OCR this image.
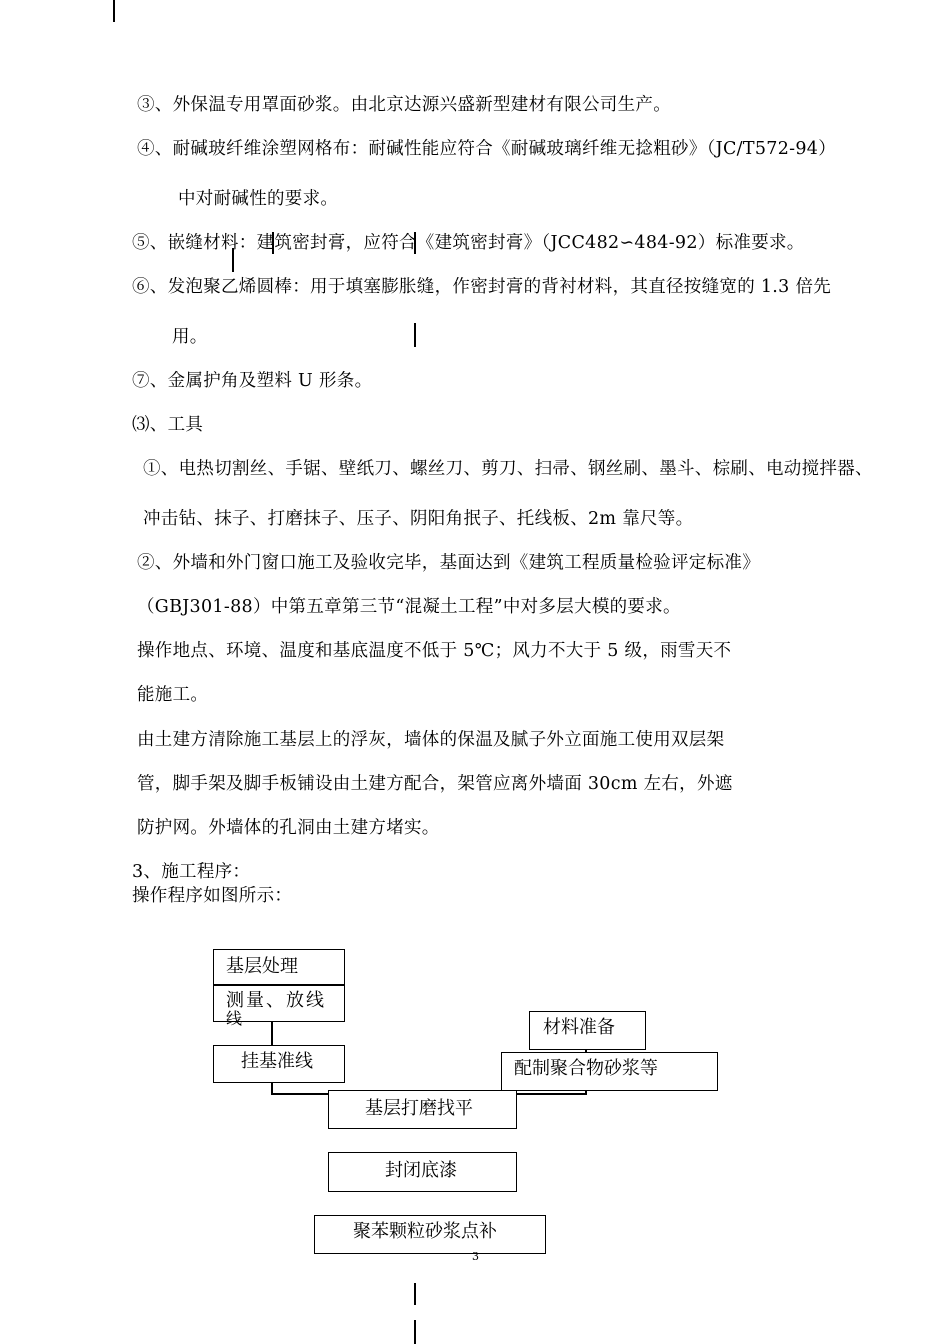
③、外保温专用罩面砂浆。由北京达源兴盛新型建材有限公司生产。
④、耐碱玻纤维涂塑网格布：耐碱性能应符合《耐碱玻璃纤维无捻粗砂》（JC/T572-94）
中对耐碱性的要求。
⑤、嵌缝材料：建筑密封膏，应符合《建筑密封膏》（JCC482∽484-92）标准要求。
⑥、发泡聚乙烯圆棒：用于填塞膨胀缝，作密封膏的背衬材料，其直径按缝宽的 1.3 倍先
用。
⑦、金属护角及塑料 U 形条。
⑶、工具
①、电热切割丝、手锯、壁纸刀、螺丝刀、剪刀、扫帚、钢丝刷、墨斗、棕刷、电动搅拌器、
冲击钻、抹子、打磨抹子、压子、阴阳角抿子、托线板、2m 靠尺等。
②、外墙和外门窗口施工及验收完毕，基面达到《建筑工程质量检验评定标准》
（GBJ301-88）中第五章第三节“混凝土工程”中对多层大模的要求。
操作地点、环境、温度和基底温度不低于 5℃；风力不大于 5 级，雨雪天不
能施工。
由土建方清除施工基层上的浮灰，墙体的保温及腻子外立面施工使用双层架
管，脚手架及脚手板铺设由土建方配合，架管应离外墙面 30cm 左右，外遮
防护网。外墙体的孔洞由土建方堵实。
3、施工程序：
操作程序如图所示：
基层处理
测量、放线
线
挂基准线
材料准备
配制聚合物砂浆等
基层打磨找平
封闭底漆
聚苯颗粒砂浆点补
3
